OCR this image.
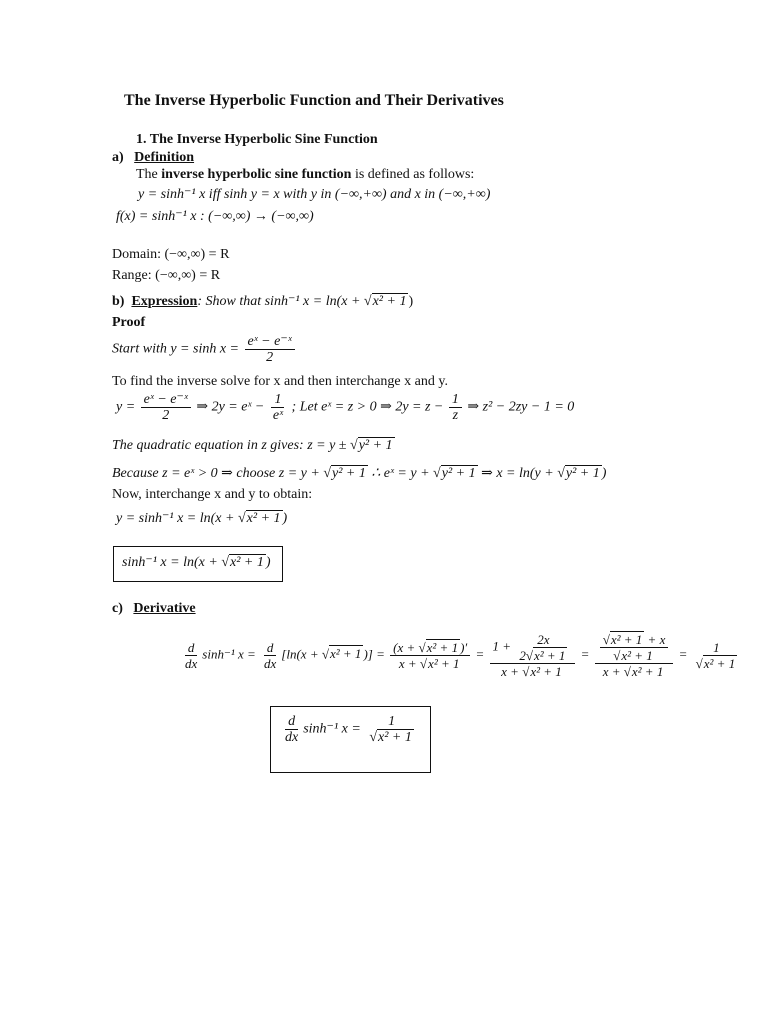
The Inverse Hyperbolic Function and Their Derivatives
1. The Inverse Hyperbolic Sine Function
a) Definition
The inverse hyperbolic sine function is defined as follows:
y = sinh⁻¹ x iff sinh y = x with y in (−∞,+∞) and x in (−∞,+∞)
f(x) = sinh⁻¹ x : (−∞,∞) → (−∞,∞)
Domain: (−∞,∞) = R
Range: (−∞,∞) = R
b) Expression: Show that sinh⁻¹ x = ln(x + √x² + 1 )
Proof
Start with $y = \sinh x = \frac{\text{eˣ − e⁻ˣ}}{2}$
To find the inverse solve for x and then interchange x and y.
$y = \frac{\text{eˣ − e⁻ˣ}}{2}$ ⇒ 2y = eˣ − $\frac{1}{\text{eˣ}}$ ; Let eˣ = z > 0 ⇒ $2y = z - \frac{1}{z}$ ⇒ z² − 2zy − 1 = 0
The quadratic equation in z gives: z = y ± √y² + 1
Because z = eˣ > 0 ⇒ choose z = y + √y² + 1 ∴ eˣ = y + √y² + 1 ⇒ x = ln(y + √y² + 1 )
Now, interchange x and y to obtain:
y = sinh⁻¹ x = ln(x + √x² + 1 )
sinh⁻¹ x = ln(x + √x² + 1 )
c) Derivative
$\frac{d}{dx} \sinh^{-1}$ $x = \frac{d}{dx} [\ln(x + √x^2 + 1$ )] = $\frac{\text{(x + √x² + 1 )′}}{\text{x + √x² + 1}} = \frac{1 + \frac{2x}{\text{2√x² + 1}}}{\text{x + √x² + 1}} = \frac{\frac{\text{√x² + 1 + x}}{\text{√x² + 1}}}{\text{x + √x² + 1}} = \frac{1}{\text{√x² + 1}}$
$\frac{d}{dx} \sinh^{-1}$ $x = \frac{1}{\text{√x² + 1}}$
